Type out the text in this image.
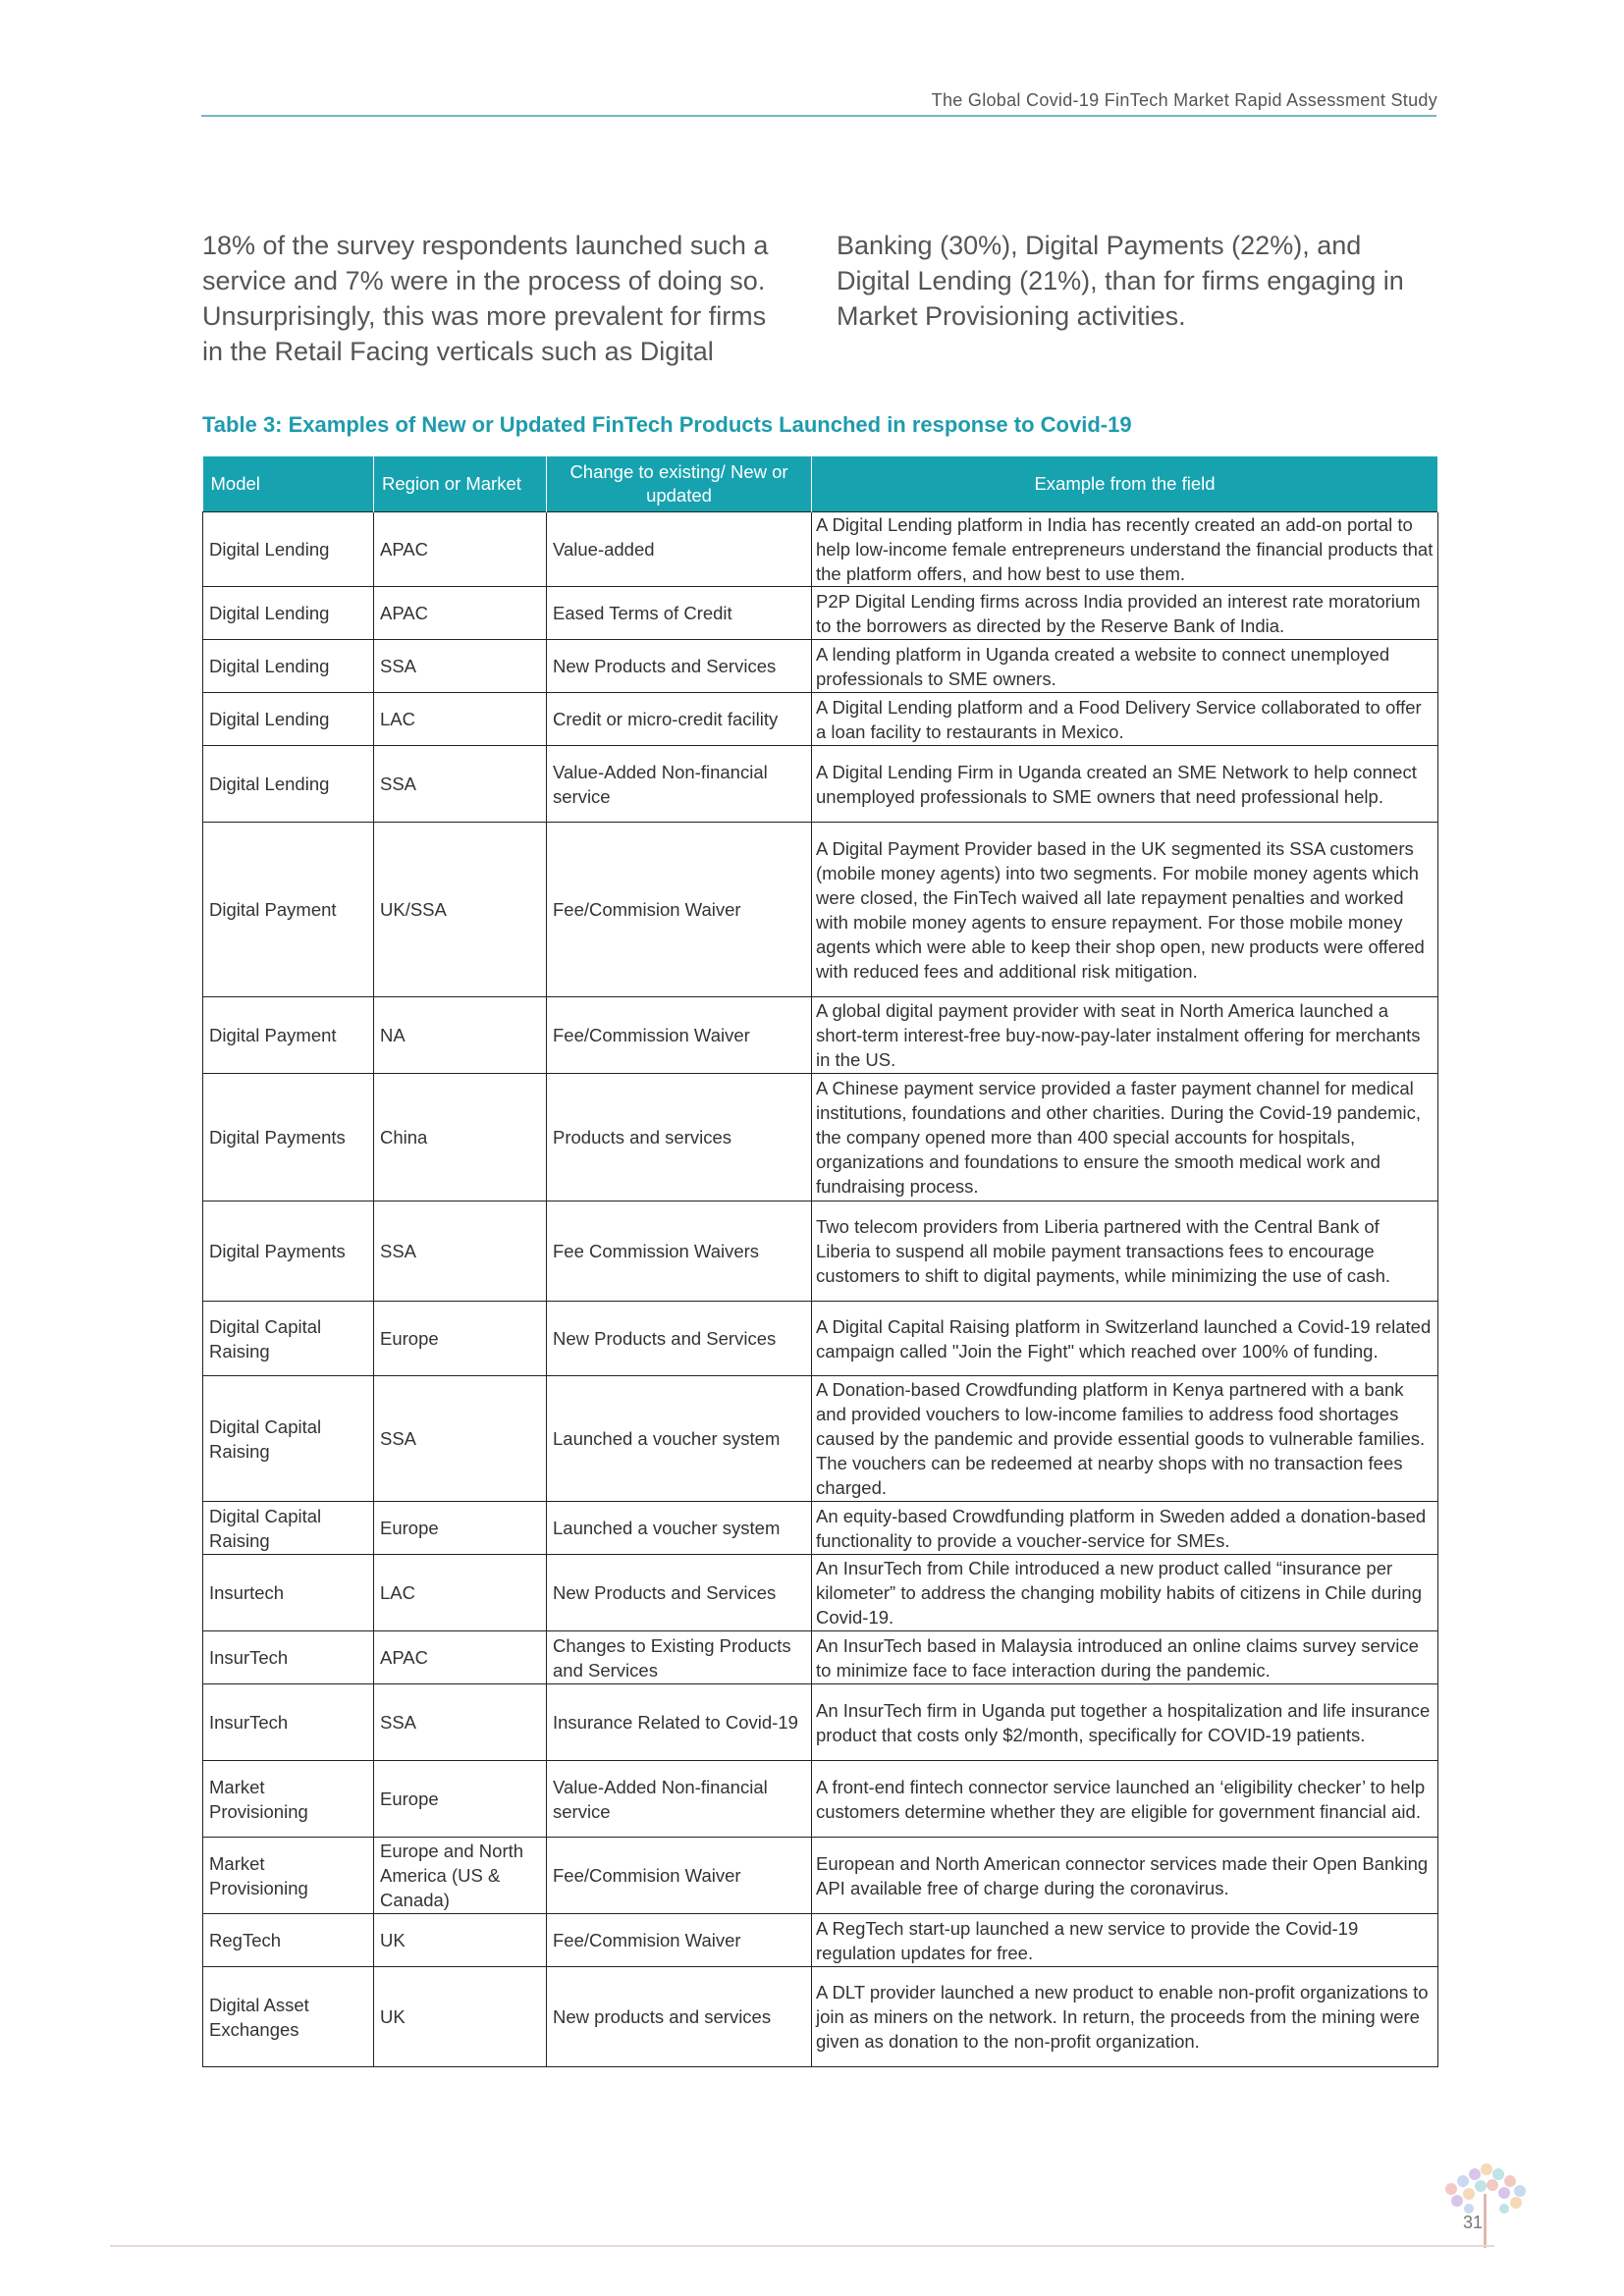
The Global Covid-19 FinTech Market Rapid Assessment Study
18% of the survey respondents launched such a service and 7% were in the process of doing so. Unsurprisingly, this was more prevalent for firms in the Retail Facing verticals such as Digital
Banking (30%), Digital Payments (22%), and Digital Lending (21%), than for firms engaging in Market Provisioning activities.
Table 3: Examples of New or Updated FinTech Products Launched in response to Covid-19
Model	Region or Market	Change to existing/ New or updated	Example from the field
Digital Lending	APAC	Value-added	A Digital Lending platform in India has recently created an add-on portal to help low-income female entrepreneurs understand the financial products that the platform offers, and how best to use them.
Digital Lending	APAC	Eased Terms of Credit	P2P Digital Lending firms across India provided an interest rate moratorium to the borrowers as directed by the Reserve Bank of India.
Digital Lending	SSA	New Products and Services	A lending platform in Uganda created a website to connect unemployed professionals to SME owners.
Digital Lending	LAC	Credit or micro-credit facility	A Digital Lending platform and a Food Delivery Service collaborated to offer a loan facility to restaurants in Mexico.
Digital Lending	SSA	Value-Added Non-financial service	A Digital Lending Firm in Uganda created an SME Network to help connect unemployed professionals to SME owners that need professional help.
Digital Payment	UK/SSA	Fee/Commision Waiver	A Digital Payment Provider based in the UK segmented its SSA customers (mobile money agents) into two segments. For mobile money agents which were closed, the FinTech waived all late repayment penalties and worked with mobile money agents to ensure repayment. For those mobile money agents which were able to keep their shop open, new products were offered with reduced fees and additional risk mitigation.
Digital Payment	NA	Fee/Commission Waiver	A global digital payment provider with seat in North America launched a short-term interest-free buy-now-pay-later instalment offering for merchants in the US.
Digital Payments	China	Products and services	A Chinese payment service provided a faster payment channel for medical institutions, foundations and other charities. During the Covid-19 pandemic, the company opened more than 400 special accounts for hospitals, organizations and foundations to ensure the smooth medical work and fundraising process.
Digital Payments	SSA	Fee Commission Waivers	Two telecom providers from Liberia partnered with the Central Bank of Liberia to suspend all mobile payment transactions fees to encourage customers to shift to digital payments, while minimizing the use of cash.
Digital Capital Raising	Europe	New Products and Services	A Digital Capital Raising platform in Switzerland launched a Covid-19 related campaign called "Join the Fight" which reached over 100% of funding.
Digital Capital Raising	SSA	Launched a voucher system	A Donation-based Crowdfunding platform in Kenya partnered with a bank and provided vouchers to low-income families to address food shortages caused by the pandemic and provide essential goods to vulnerable families. The vouchers can be redeemed at nearby shops with no transaction fees charged.
Digital Capital Raising	Europe	Launched a voucher system	An equity-based Crowdfunding platform in Sweden added a donation-based functionality to provide a voucher-service for SMEs.
Insurtech	LAC	New Products and Services	An InsurTech from Chile introduced a new product called “insurance per kilometer” to address the changing mobility habits of citizens in Chile during Covid-19.
InsurTech	APAC	Changes to Existing Products and Services	An InsurTech based in Malaysia introduced an online claims survey service to minimize face to face interaction during the pandemic.
InsurTech	SSA	Insurance Related to Covid-19	An InsurTech firm in Uganda put together a hospitalization and life insurance product that costs only $2/month, specifically for COVID-19 patients.
Market Provisioning	Europe	Value-Added Non-financial service	A front-end fintech connector service launched an ‘eligibility checker’ to help customers determine whether they are eligible for government financial aid.
Market Provisioning	Europe and North America (US & Canada)	Fee/Commision Waiver	European and North American connector services made their Open Banking API available free of charge during the coronavirus.
RegTech	UK	Fee/Commision Waiver	A RegTech start-up launched a new service to provide the Covid-19 regulation updates for free.
Digital Asset Exchanges	UK	New products and services	A DLT provider launched a new product to enable non-profit organizations to join as miners on the network. In return, the proceeds from the mining were given as donation to the non-profit organization.
31
